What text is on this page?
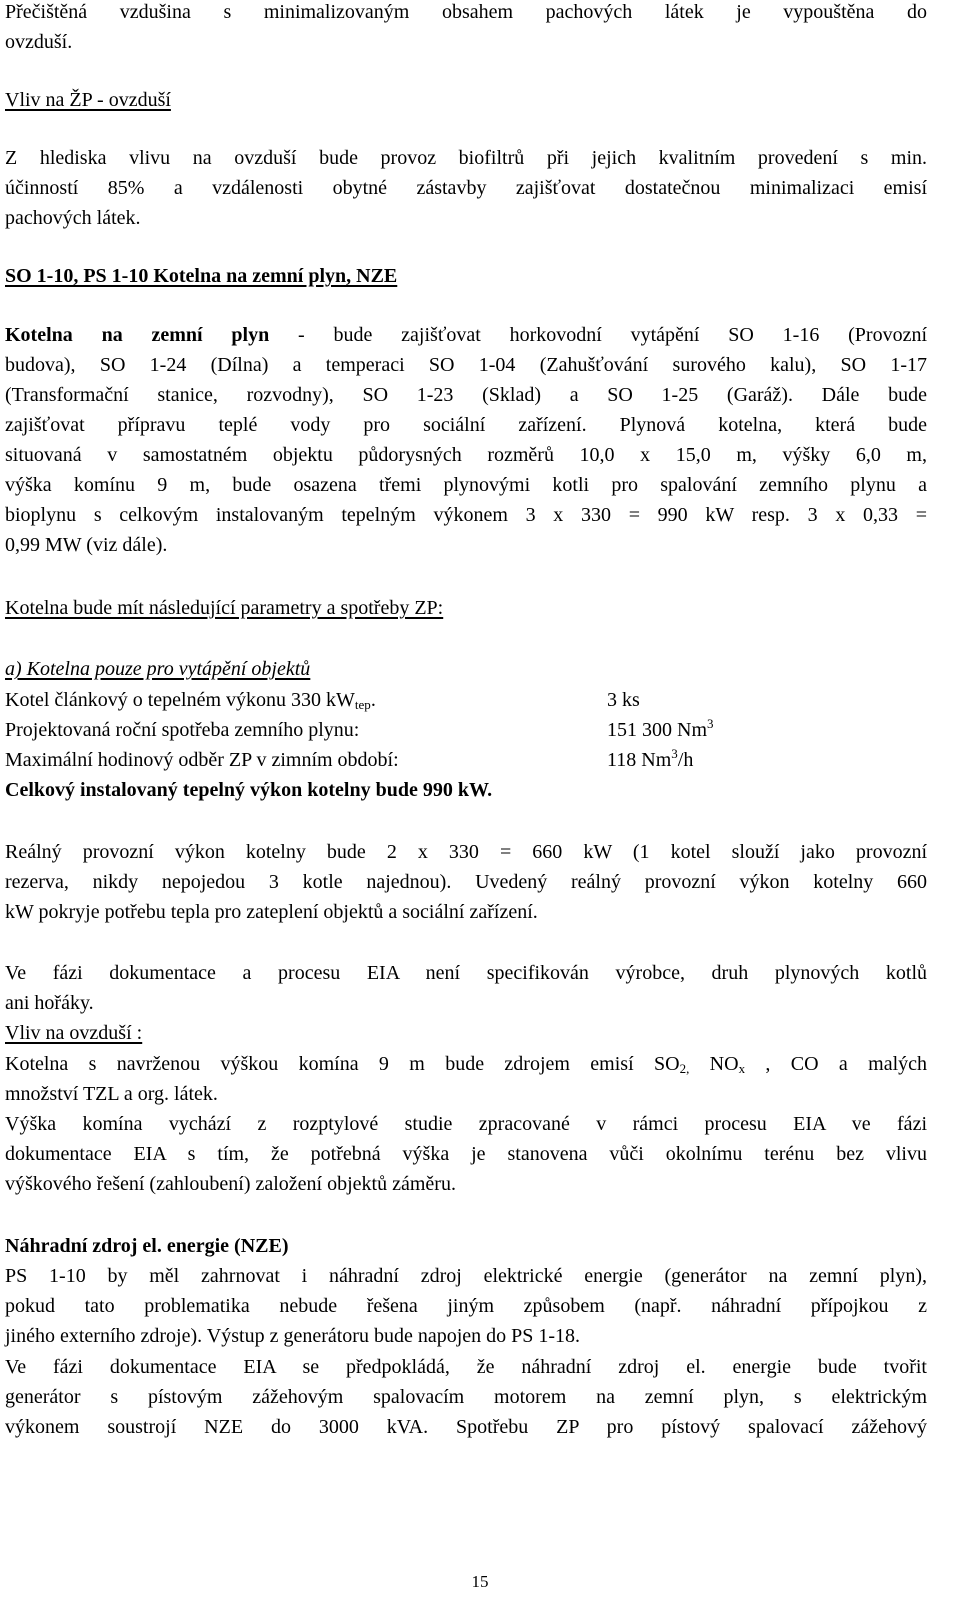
Přečištěná vzdušina s minimalizovaným obsahem pachových látek je vypouštěna do
ovzduší.
Vliv na ŽP - ovzduší
Z hlediska vlivu na ovzduší bude provoz biofiltrů při jejich kvalitním provedení s min.
účinností 85% a vzdálenosti obytné zástavby zajišťovat dostatečnou minimalizaci emisí
pachových látek.
SO 1-10, PS 1-10 Kotelna na zemní plyn, NZE
Kotelna na zemní plyn - bude zajišťovat horkovodní vytápění SO 1-16 (Provozní
budova), SO 1-24 (Dílna) a temperaci SO 1-04 (Zahušťování surového kalu), SO 1-17
(Transformační stanice, rozvodny), SO 1-23 (Sklad) a SO 1-25 (Garáž). Dále bude
zajišťovat přípravu teplé vody pro sociální zařízení. Plynová kotelna, která bude
situovaná v samostatném objektu půdorysných rozměrů 10,0 x 15,0 m, výšky 6,0 m,
výška komínu 9 m, bude osazena třemi plynovými kotli pro spalování zemního plynu a
bioplynu s celkovým instalovaným tepelným výkonem 3 x 330 = 990 kW resp. 3 x 0,33 =
0,99 MW (viz dále).
Kotelna bude mít následující parametry a spotřeby ZP:
a) Kotelna pouze pro vytápění objektů
Kotel článkový o tepelném výkonu 330 $kW_{tep}$.	3 ks
Projektovaná roční spotřeba zemního plynu:	151 300 Nm$^3$
Maximální hodinový odběr ZP v zimním období:	118 Nm$^3$/h
Celkový instalovaný tepelný výkon kotelny bude 990 kW.
Reálný provozní výkon kotelny bude 2 x 330 = 660 kW (1 kotel slouží jako provozní
rezerva, nikdy nepojedou 3 kotle najednou). Uvedený reálný provozní výkon kotelny 660
kW pokryje potřebu tepla pro zateplení objektů a sociální zařízení.
Ve fázi dokumentace a procesu EIA není specifikován výrobce, druh plynových kotlů
ani hořáky.
Vliv na ovzduší :
Kotelna s navrženou výškou komína 9 m bude zdrojem emisí $SO_{2,}$ $NO_x$ , CO a malých
množství TZL a org. látek.
Výška komína vychází z rozptylové studie zpracované v rámci procesu EIA ve fázi
dokumentace EIA s tím, že potřebná výška je stanovena vůči okolnímu terénu bez vlivu
výškového řešení (zahloubení) založení objektů záměru.
Náhradní zdroj el. energie (NZE)
PS 1-10 by měl zahrnovat i náhradní zdroj elektrické energie (generátor na zemní plyn),
pokud tato problematika nebude řešena jiným způsobem (např. náhradní přípojkou z
jiného externího zdroje). Výstup z generátoru bude napojen do PS 1-18.
Ve fázi dokumentace EIA se předpokládá, že náhradní zdroj el. energie bude tvořit
generátor s pístovým zážehovým spalovacím motorem na zemní plyn, s elektrickým
výkonem soustrojí NZE do 3000 kVA. Spotřebu ZP pro pístový spalovací zážehový
15
